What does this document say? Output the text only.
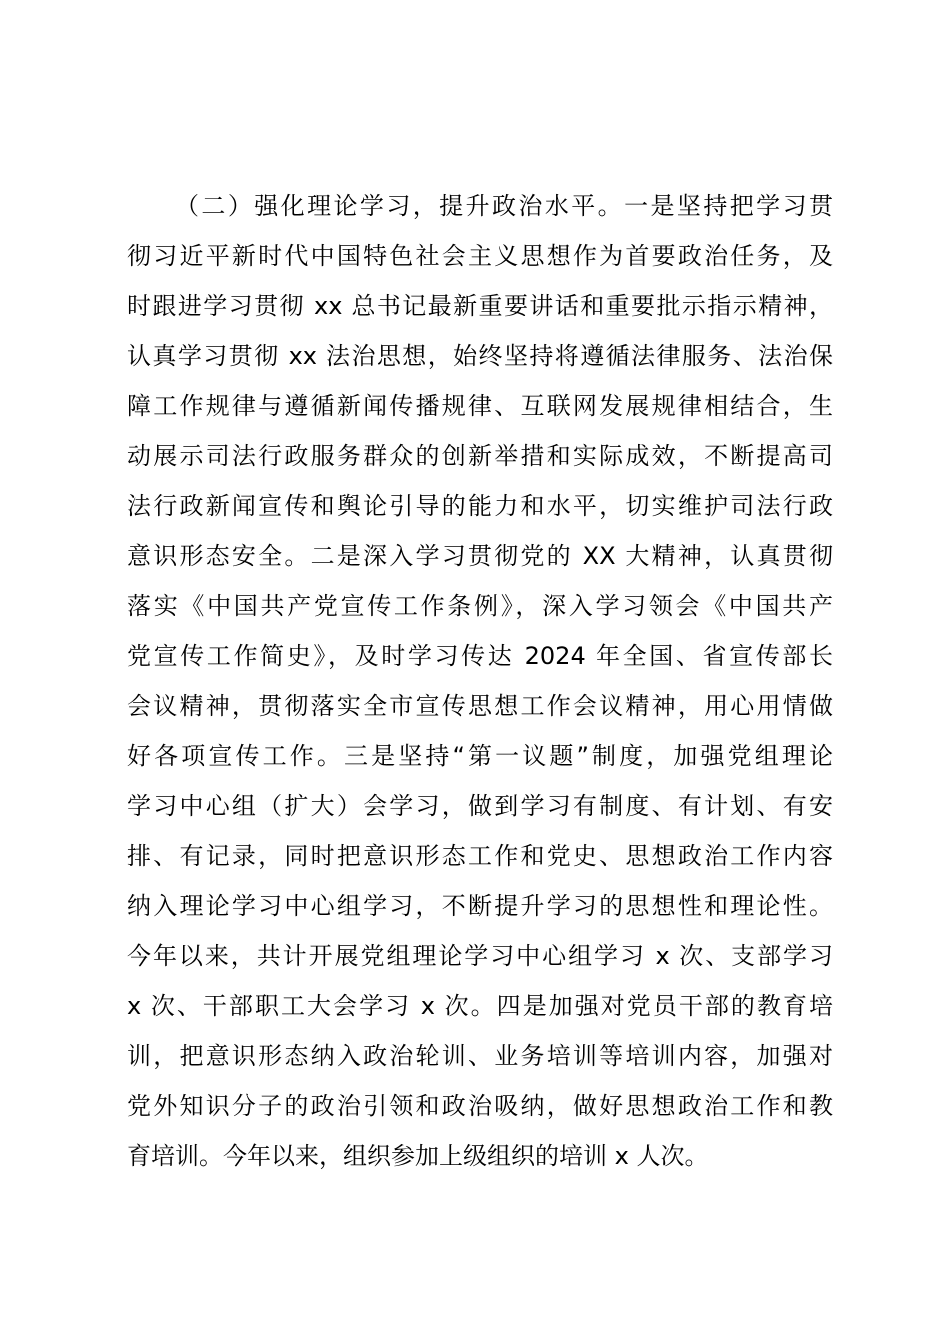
（二）强化理论学习，提升政治水平。一是坚持把学习贯
彻习近平新时代中国特色社会主义思想作为首要政治任务，及
时跟进学习贯彻 xx 总书记最新重要讲话和重要批示指示精神，
认真学习贯彻 xx 法治思想，始终坚持将遵循法律服务、法治保
障工作规律与遵循新闻传播规律、互联网发展规律相结合，生
动展示司法行政服务群众的创新举措和实际成效，不断提高司
法行政新闻宣传和舆论引导的能力和水平，切实维护司法行政
意识形态安全。二是深入学习贯彻党的 XX 大精神，认真贯彻
落实《中国共产党宣传工作条例》，深入学习领会《中国共产
党宣传工作简史》，及时学习传达 2024 年全国、省宣传部长
会议精神，贯彻落实全市宣传思想工作会议精神，用心用情做
好各项宣传工作。三是坚持“第一议题”制度，加强党组理论
学习中心组（扩大）会学习，做到学习有制度、有计划、有安
排、有记录，同时把意识形态工作和党史、思想政治工作内容
纳入理论学习中心组学习，不断提升学习的思想性和理论性。
今年以来，共计开展党组理论学习中心组学习 x 次、支部学习
x 次、干部职工大会学习 x 次。四是加强对党员干部的教育培
训，把意识形态纳入政治轮训、业务培训等培训内容，加强对
党外知识分子的政治引领和政治吸纳，做好思想政治工作和教
育培训。今年以来，组织参加上级组织的培训 x 人次。
